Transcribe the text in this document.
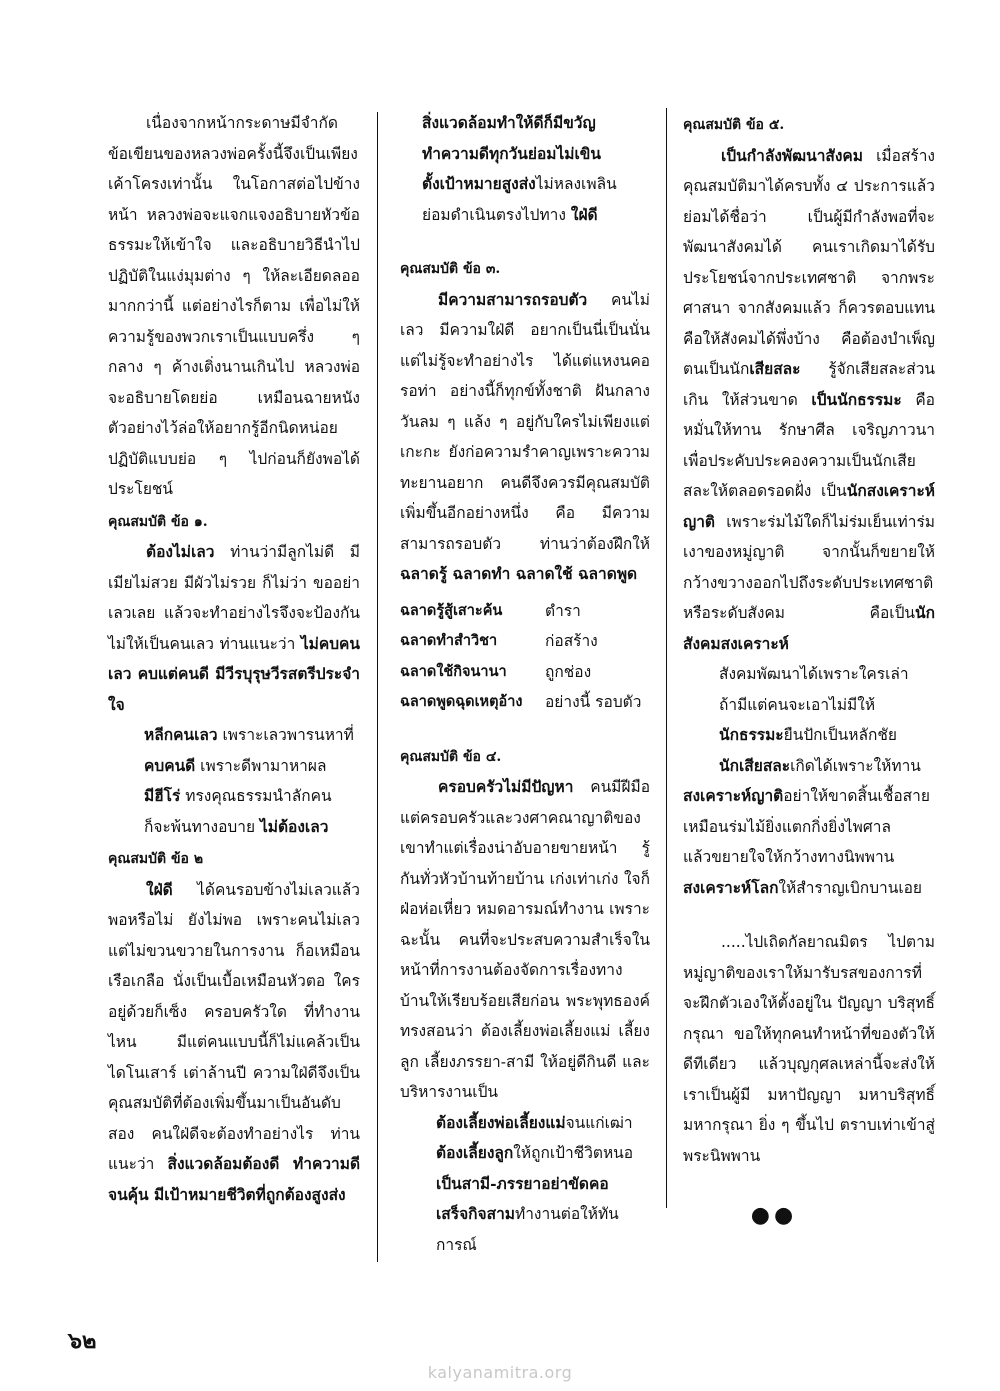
เนื่องจากหน้ากระดาษมีจำกัด ข้อเขียนของหลวงพ่อครั้งนี้จึงเป็นเพียงเค้าโครงเท่านั้น ในโอกาสต่อไปข้างหน้า หลวงพ่อจะแจกแจงอธิบายหัวข้อธรรมะให้เข้าใจ และอธิบายวิธีนำไปปฏิบัติในแง่มุมต่าง ๆ ให้ละเอียดลออ มากกว่านี้ แต่อย่างไรก็ตาม เพื่อไม่ให้ความรู้ของพวกเราเป็นแบบครึ่ง ๆ กลาง ๆ ค้างเติ่งนานเกินไป หลวงพ่อจะอธิบายโดยย่อ เหมือนฉายหนังตัวอย่างไว้ล่อให้อยากรู้อีกนิดหน่อย ปฏิบัติแบบย่อ ๆ ไปก่อนก็ยังพอได้ประโยชน์

คุณสมบัติ ข้อ ๑.

ต้องไม่เลว ท่านว่ามีลูกไม่ดี มีเมียไม่สวย มีผัวไม่รวย ก็ไม่ว่า ขออย่าเลวเลย แล้วจะทำอย่างไรจึงจะป้องกันไม่ให้เป็นคนเลว ท่านแนะว่า ไม่คบคนเลว คบแต่คนดี มีวีรบุรุษวีรสตรีประจำใจ

หลีกคนเลว เพราะเลวพารนหาที่

คบคนดี เพราะดีพามาหาผล

มีฮีโร่ ทรงคุณธรรมนำลักคน

ก็จะพ้นทางอบาย ไม่ต้องเลว

คุณสมบัติ ข้อ ๒

ใฝ่ดี ได้คนรอบข้างไม่เลวแล้วพอหรือไม่ ยังไม่พอ เพราะคนไม่เลวแต่ไม่ขวนขวายในการงาน ก็อเหมือนเรือเกลือ นั่งเป็นเบื้อเหมือนหัวตอ ใครอยู่ด้วยก็เซ็ง ครอบครัวใด ที่ทำงานไหน มีแต่คนแบบนี้ก็ไม่แคล้วเป็นไดโนเสาร์ เต่าล้านปี ความใฝ่ดีจึงเป็นคุณสมบัติที่ต้องเพิ่มขึ้นมาเป็นอันดับสอง คนใฝ่ดีจะต้องทำอย่างไร ท่านแนะว่า สิ่งแวดล้อมต้องดี ทำความดีจนคุ้น มีเป้าหมายชีวิตที่ถูกต้องสูงส่ง

สิ่งแวดล้อมทำให้ดีก็มีขวัญ

ทำความดีทุกวันย่อมไม่เขิน

ตั้งเป้าหมายสูงส่งไม่หลงเพลิน

ย่อมดำเนินตรงไปทาง ใฝ่ดี

คุณสมบัติ ข้อ ๓.

มีความสามารถรอบตัว คนไม่เลว มีความใฝ่ดี อยากเป็นนี่เป็นนั่น แต่ไม่รู้จะทำอย่างไร ได้แต่แหงนคอรอท่า อย่างนี้ก็ทุกข์ทั้งชาติ ฝันกลางวันลม ๆ แล้ง ๆ อยู่กับใครไม่เพียงแต่เกะกะ ยังก่อความรำคาญเพราะความทะยานอยาก คนดีจึงควรมีคุณสมบัติเพิ่มขึ้นอีกอย่างหนึ่ง คือ มีความสามารถรอบตัว ท่านว่าต้องฝึกให้ ฉลาดรู้ ฉลาดทำ ฉลาดใช้ ฉลาดพูด

ฉลาดรู้สู้เสาะค้น	ตำรา
ฉลาดทำสำวิชา	ก่อสร้าง
ฉลาดใช้กิจนานา	ถูกช่อง
ฉลาดพูดฉุดเหตุอ้าง	อย่างนี้ รอบตัว

คุณสมบัติ ข้อ ๔.

ครอบครัวไม่มีปัญหา คนมีฝีมือแต่ครอบครัวและวงศาคณาญาติของเขาทำแต่เรื่องน่าอับอายขายหน้า รู้กันทั่วหัวบ้านท้ายบ้าน เก่งเท่าเก่ง ใจก็ฝ่อห่อเหี่ยว หมดอารมณ์ทำงาน เพราะฉะนั้น คนที่จะประสบความสำเร็จในหน้าที่การงานต้องจัดการเรื่องทางบ้านให้เรียบร้อยเสียก่อน พระพุทธองค์ทรงสอนว่า ต้องเลี้ยงพ่อเลี้ยงแม่ เลี้ยงลูก เลี้ยงภรรยา-สามี ให้อยู่ดีกินดี และบริหารงานเป็น

ต้องเลี้ยงพ่อเลี้ยงแม่จนแก่เฒ่า

ต้องเลี้ยงลูกให้ถูกเป้าชีวิตหนอ

เป็นสามี-ภรรยาอย่าขัดคอ

เสร็จกิจสามทำงานต่อให้ทันการณ์

คุณสมบัติ ข้อ ๕.

เป็นกำลังพัฒนาสังคม เมื่อสร้างคุณสมบัติมาได้ครบทั้ง ๔ ประการแล้ว ย่อมได้ชื่อว่า เป็นผู้มีกำลังพอที่จะพัฒนาสังคมได้ คนเราเกิดมาได้รับประโยชน์จากประเทศชาติ จากพระศาสนา จากสังคมแล้ว ก็ควรตอบแทน คือให้สังคมได้พึ่งบ้าง คือต้องบำเพ็ญตนเป็นนักเสียสละ รู้จักเสียสละส่วนเกิน ให้ส่วนขาด เป็นนักธรรมะ คือหมั่นให้ทาน รักษาศีล เจริญภาวนา เพื่อประคับประคองความเป็นนักเสียสละให้ตลอดรอดฝั่ง เป็นนักสงเคราะห์ญาติ เพราะร่มไม้ใดก็ไม่ร่มเย็นเท่าร่มเงาของหมู่ญาติ จากนั้นก็ขยายให้กว้างขวางออกไปถึงระดับประเทศชาติ หรือระดับสังคม คือเป็นนักสังคมสงเคราะห์

สังคมพัฒนาได้เพราะใครเล่า

ถ้ามีแต่คนจะเอาไม่มีให้

นักธรรมะยืนปักเป็นหลักชัย

นักเสียสละเกิดได้เพราะให้ทาน

สงเคราะห์ญาติอย่าให้ขาดสิ้นเชื้อสาย

เหมือนร่มไม้ยิ่งแตกกิ่งยิ่งไพศาล

แล้วขยายใจให้กว้างทางนิพพาน

สงเคราะห์โลกให้สำราญเบิกบานเอย

.....ไปเถิดกัลยาณมิตร ไปตามหมู่ญาติของเราให้มารับรสของการที่จะฝึกตัวเองให้ตั้งอยู่ใน ปัญญา บริสุทธิ์ กรุณา ขอให้ทุกคนทำหน้าที่ของตัวให้ดีทีเดียว แล้วบุญกุศลเหล่านี้จะส่งให้เราเป็นผู้มี มหาปัญญา มหาบริสุทธิ์ มหากรุณา ยิ่ง ๆ ขึ้นไป ตราบเท่าเข้าสู่พระนิพพาน

●●

๖๒
kalyanamitra.org
